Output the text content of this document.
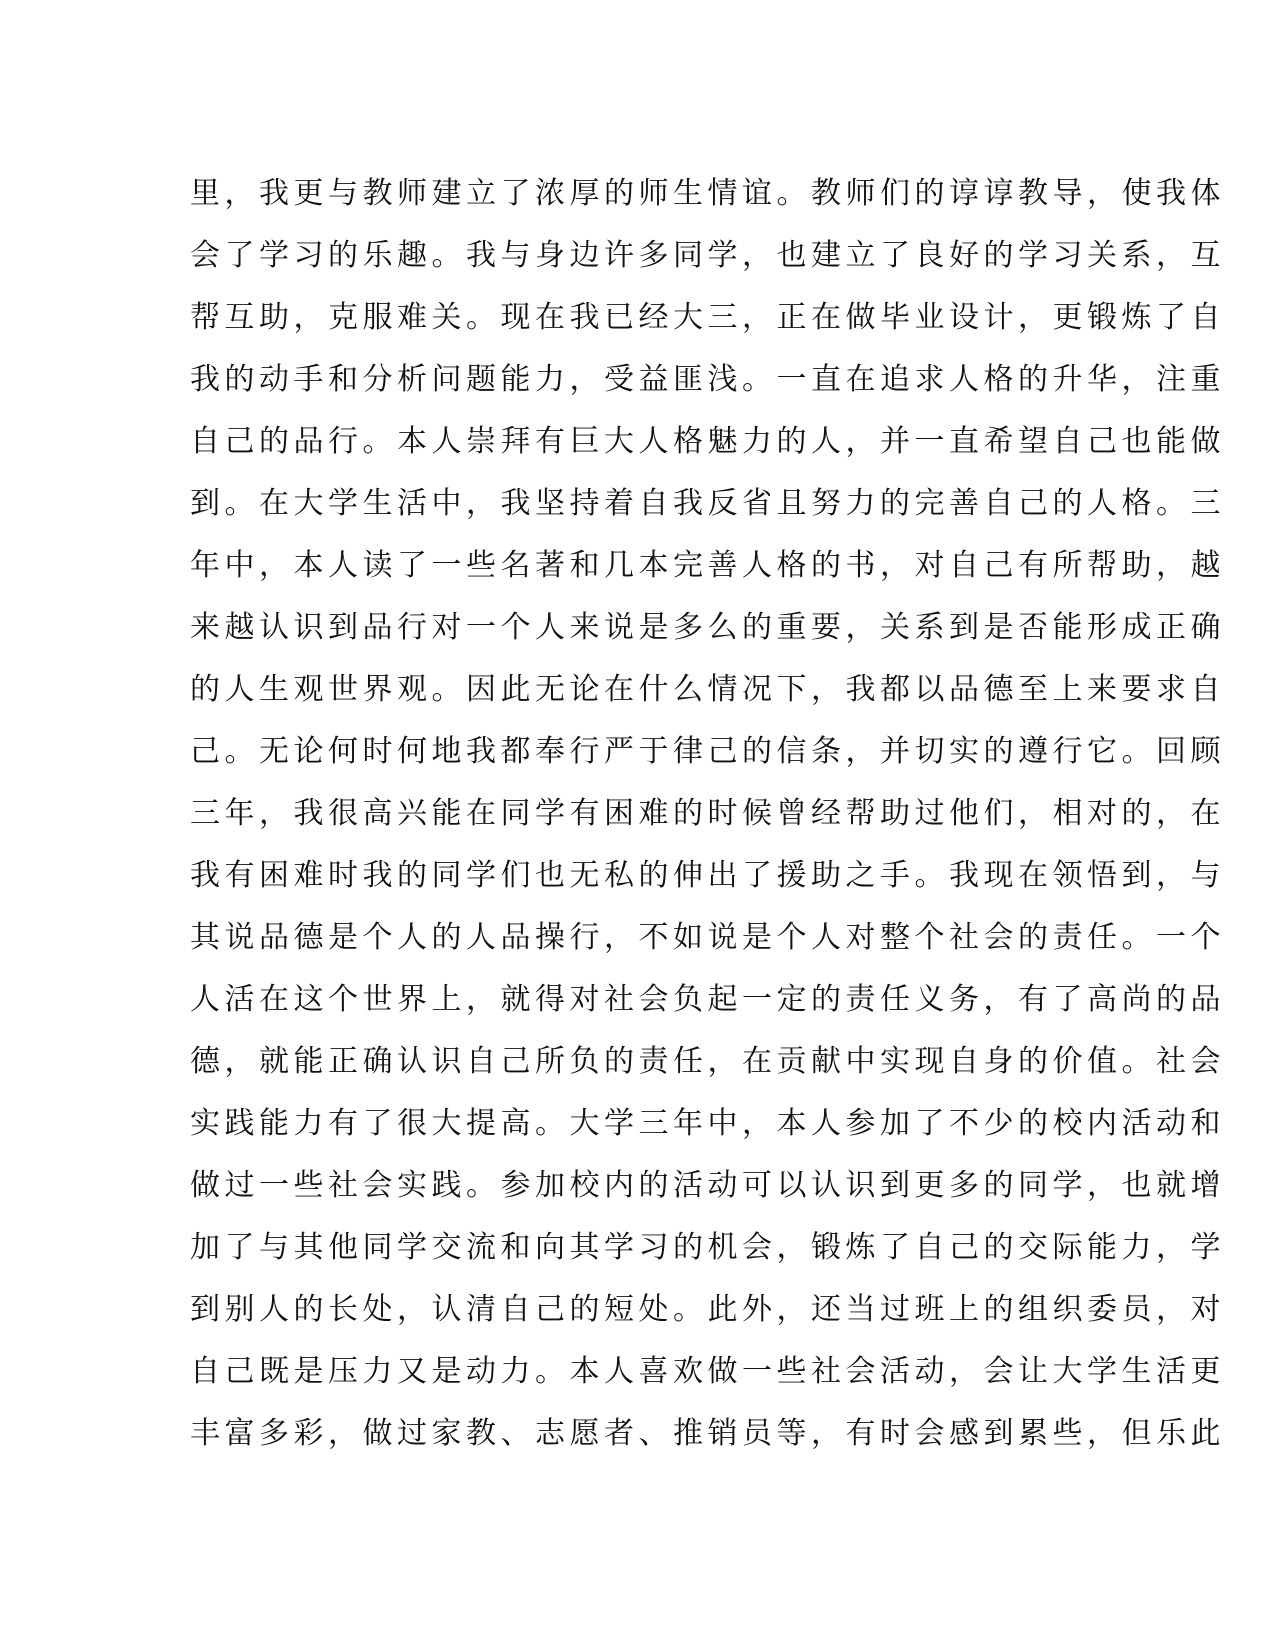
里，我更与教师建立了浓厚的师生情谊。教师们的谆谆教导，使我体
会了学习的乐趣。我与身边许多同学，也建立了良好的学习关系，互
帮互助，克服难关。现在我已经大三，正在做毕业设计，更锻炼了自
我的动手和分析问题能力，受益匪浅。一直在追求人格的升华，注重
自己的品行。本人崇拜有巨大人格魅力的人，并一直希望自己也能做
到。在大学生活中，我坚持着自我反省且努力的完善自己的人格。三
年中，本人读了一些名著和几本完善人格的书，对自己有所帮助，越
来越认识到品行对一个人来说是多么的重要，关系到是否能形成正确
的人生观世界观。因此无论在什么情况下，我都以品德至上来要求自
己。无论何时何地我都奉行严于律己的信条，并切实的遵行它。回顾
三年，我很高兴能在同学有困难的时候曾经帮助过他们，相对的，在
我有困难时我的同学们也无私的伸出了援助之手。我现在领悟到，与
其说品德是个人的人品操行，不如说是个人对整个社会的责任。一个
人活在这个世界上，就得对社会负起一定的责任义务，有了高尚的品
德，就能正确认识自己所负的责任，在贡献中实现自身的价值。社会
实践能力有了很大提高。大学三年中，本人参加了不少的校内活动和
做过一些社会实践。参加校内的活动可以认识到更多的同学，也就增
加了与其他同学交流和向其学习的机会，锻炼了自己的交际能力，学
到别人的长处，认清自己的短处。此外，还当过班上的组织委员，对
自己既是压力又是动力。本人喜欢做一些社会活动，会让大学生活更
丰富多彩，做过家教、志愿者、推销员等，有时会感到累些，但乐此
